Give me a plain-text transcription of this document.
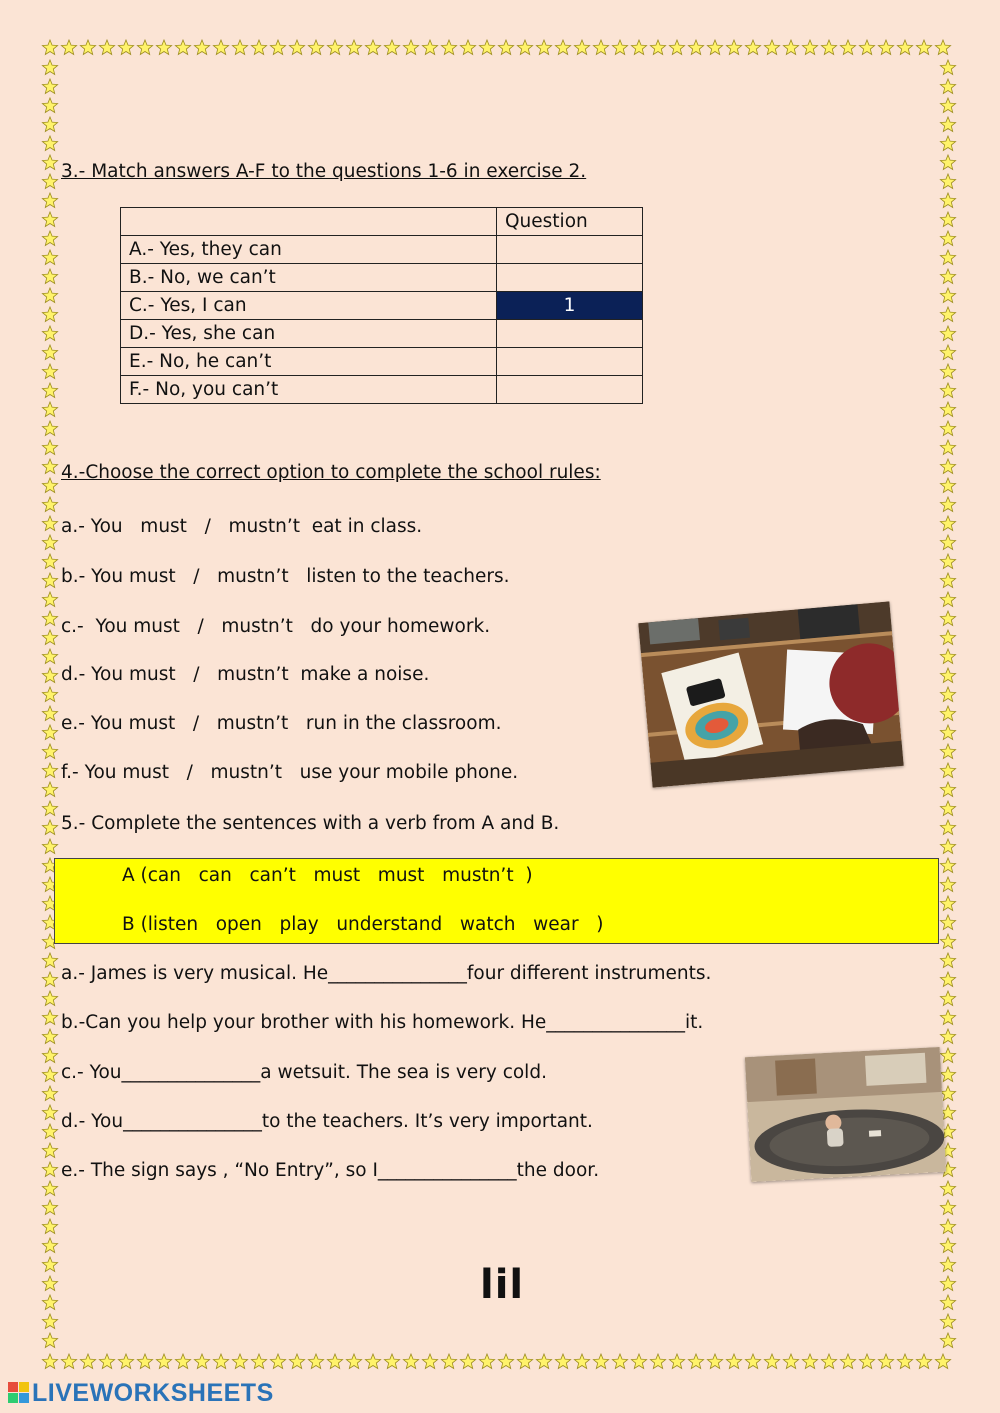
3.- Match answers A-F to the questions 1-6 in exercise 2.
	Question
A.- Yes, they can	
B.- No, we can’t	
C.- Yes, I can	1
D.- Yes, she can	
E.- No, he can’t	
F.- No, you can’t	
4.-Choose the correct option to complete the school rules:
a.- You   must   /   mustn’t  eat in class.
b.- You must   /   mustn’t   listen to the teachers.
c.-  You must   /   mustn’t   do your homework.
d.- You must   /   mustn’t  make a noise.
e.- You must   /   mustn’t   run in the classroom.
f.- You must   /   mustn’t   use your mobile phone.
5.- Complete the sentences with a verb from A and B.
A (can   can   can’t   must   must   mustn’t  )
B (listen   open   play   understand   watch   wear   )
a.- James is very musical. He_______________four different instruments.
b.-Can you help your brother with his homework. He_______________it.
c.- You_______________a wetsuit. The sea is very cold.
d.- You_______________to the teachers. It’s very important.
e.- The sign says , “No Entry”, so I_______________the door.
lil
LIVEWORKSHEETS
